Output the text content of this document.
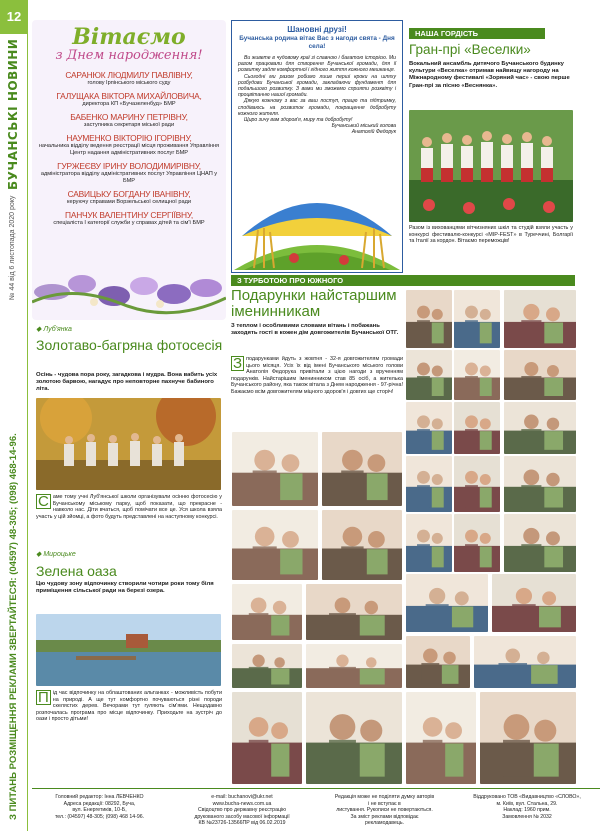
12
БУЧАНСЬКІ НОВИНИ
№ 44 від 6 листопада 2020 року
З ПИТАНЬ РОЗМІЩЕННЯ РЕКЛАМИ ЗВЕРТАЙТЕСЯ: (04597) 48-305; (098) 468-14-96.
Вітаємо
з Днем народження!
САРАНЮК ЛЮДМИЛУ ПАВЛІВНУ,
голову Ірпінського міського суду
ГАЛУЩАКА ВІКТОРА МИХАЙЛОВИЧА,
директора КП «Бучазеленбуд» БМР
БАБЕНКО МАРИНУ ПЕТРІВНУ,
заступника секретаря міської ради
НАУМЕНКО ВІКТОРІЮ ІГОРІВНУ,
начальника відділу ведення реєстрації місця проживання Управління Центр надання адміністративних послуг БМР
ГУРЖЕЄВУ ІРИНУ ВОЛОДИМИРІВНУ,
адміністратора відділу адміністративних послуг Управління ЦНАП у БМР
САВИЦЬКУ БОГДАНУ ІВАНІВНУ,
керуючу справами Ворзельської селищної ради
ПАНЧУК ВАЛЕНТИНУ СЕРГІЇВНУ,
спеціаліста І категорії служби у справах дітей та сім'ї БМР
Шановні друзі!
Бучанська родина вітає Вас з нагоди свята - Дня села!

Ви живете в чудовому краї зі славною і багатою історією. Ми разом працювали для створення Бучанської громади, для її розвитку задля комфортної і гідного життя кожного мешканця.

Сьогодні ми разом робимо лише перші кроки на шляху розбудови Бучанської громади, закладаючи фундамент для подальшого розвитку. З вами ми зможемо сприяти розквіту і процвітанню нашої громади.

Дякую кожному з вас за ваш поступ, працю та підтримку, сподіваюсь на розвиток громади, покращення добробуту кожного жителя.

Щиро зичу вам здоров'я, миру та добробуту!

Бучанський міський голова
Анатолій Федорук
НАША ГОРДІСТЬ
Гран-прі «Веселки»
Вокальний ансамбль дитячого Бучанського будинку культури «Веселка» отримав найвищу нагороду на Міжнародному фестивалі «Зоряний час» - свою перше Гран-прі за пісню «Веснянка».
Разом із вихованцями вітчизняних шкіл та студій взяли участь у конкурсі фестивалю-конкурсі «МІР-FEST» в Туреччині, Болгарії та Італії за кордон. Вітаємо переможців!
З ТУРБОТОЮ ПРО ЮЖНОГО
Подарунки найстаршим іменинникам
З теплом і особливими словами вітань і побажань заходять гості в кожен дім довгожителів Бучанської ОТГ.
З подарунками йдуть з жовтня - 32-я довгожителям громади цього місяця. Усіх їх від імені Бучанського міського голови Анатолія Федорука привітали з цією нагоди з врученням подарунків. Найстарішим іменинником став 85 осіб, а жителька Бучанського району, яка також вітала з Днем народження - 97-річна! Бажаємо всім довгожителям міцного здоров'я і довгих ще сторіч!
◆ Луб'янка
Золотаво-багряна фотосесія
Осінь - чудова пора року, загадкова і мудра. Вона вабить усіх золотою барвою, нагадує про неповторне пахнуче бабиного літа.
С аме тому учні Луб'янської школи організували осінню фотосесію у Бучанському міському парку, щоб показати, що прекрасне - навколо нас. Діти вчаться, щоб помічати все це. Уся школа взяла участь у цій зйомці, а фото будуть представлені на наступному конкурсі.
◆ Мироцьке
Зелена оаза
Цю чудову зону відпочинку створили чотири роки тому біля приміщення сільської ради на березі озера.
П ід час відпочинку на облаштованих альтанках - можливість побути на природі. А ще тут комфортно почуваються різні породи скелястих дерев. Вечорами тут гуляють сім'ями. Нещодавно розпочалась програма про місце відпочинку. Приходьте на зустріч до оази і просто дітьми!
Головний редактор: Інна ЛЕВЧЕНКО
Адреса редакції: 08292, Буча,
вул. Енергетиків, 10-Б,
тел.: (04597) 48-305; (098) 468 14-96.
e-mail: buchanovi@ukr.net
www.bucha-news.com.ua
Свідоцтво про державну реєстрацію
друкованого засобу масової інформації
КВ №23726-13566ПР від 06.02.2019
Редакція може не поділяти думку авторів
і не вступає в
листування. Рукописи не повертаються.
За зміст реклами відповідає
рекламодавець.
Віддруковано ТОВ «Видавництво «СЛОВО»,
м. Київ, вул. Стальна, 29.
Наклад: 1960 прим.
Замовлення № 2032
